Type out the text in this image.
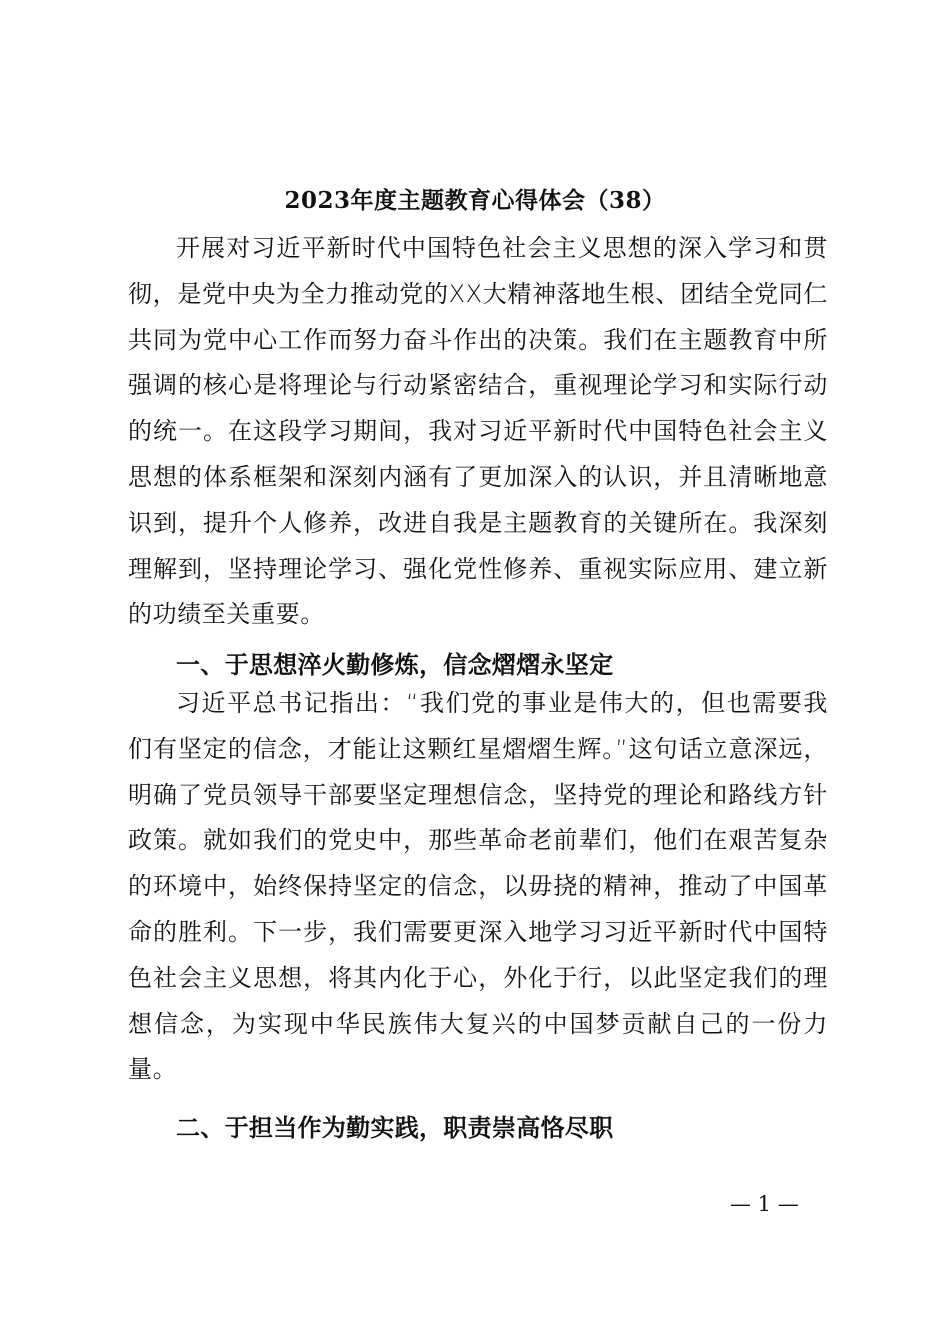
2023年度主题教育心得体会（38）

开展对习近平新时代中国特色社会主义思想的深入学习和贯彻，是党中央为全力推动党的XX大精神落地生根、团结全党同仁共同为党中心工作而努力奋斗作出的决策。我们在主题教育中所强调的核心是将理论与行动紧密结合，重视理论学习和实际行动的统一。在这段学习期间，我对习近平新时代中国特色社会主义思想的体系框架和深刻内涵有了更加深入的认识，并且清晰地意识到，提升个人修养，改进自我是主题教育的关键所在。我深刻理解到，坚持理论学习、强化党性修养、重视实际应用、建立新的功绩至关重要。

一、于思想淬火勤修炼，信念熠熠永坚定

习近平总书记指出：“我们党的事业是伟大的，但也需要我们有坚定的信念，才能让这颗红星熠熠生辉。”这句话立意深远，明确了党员领导干部要坚定理想信念，坚持党的理论和路线方针政策。就如我们的党史中，那些革命老前辈们，他们在艰苦复杂的环境中，始终保持坚定的信念，以毋挠的精神，推动了中国革命的胜利。下一步，我们需要更深入地学习习近平新时代中国特色社会主义思想，将其内化于心，外化于行，以此坚定我们的理想信念，为实现中华民族伟大复兴的中国梦贡献自己的一份力量。

二、于担当作为勤实践，职责崇高恪尽职
— 1 —
